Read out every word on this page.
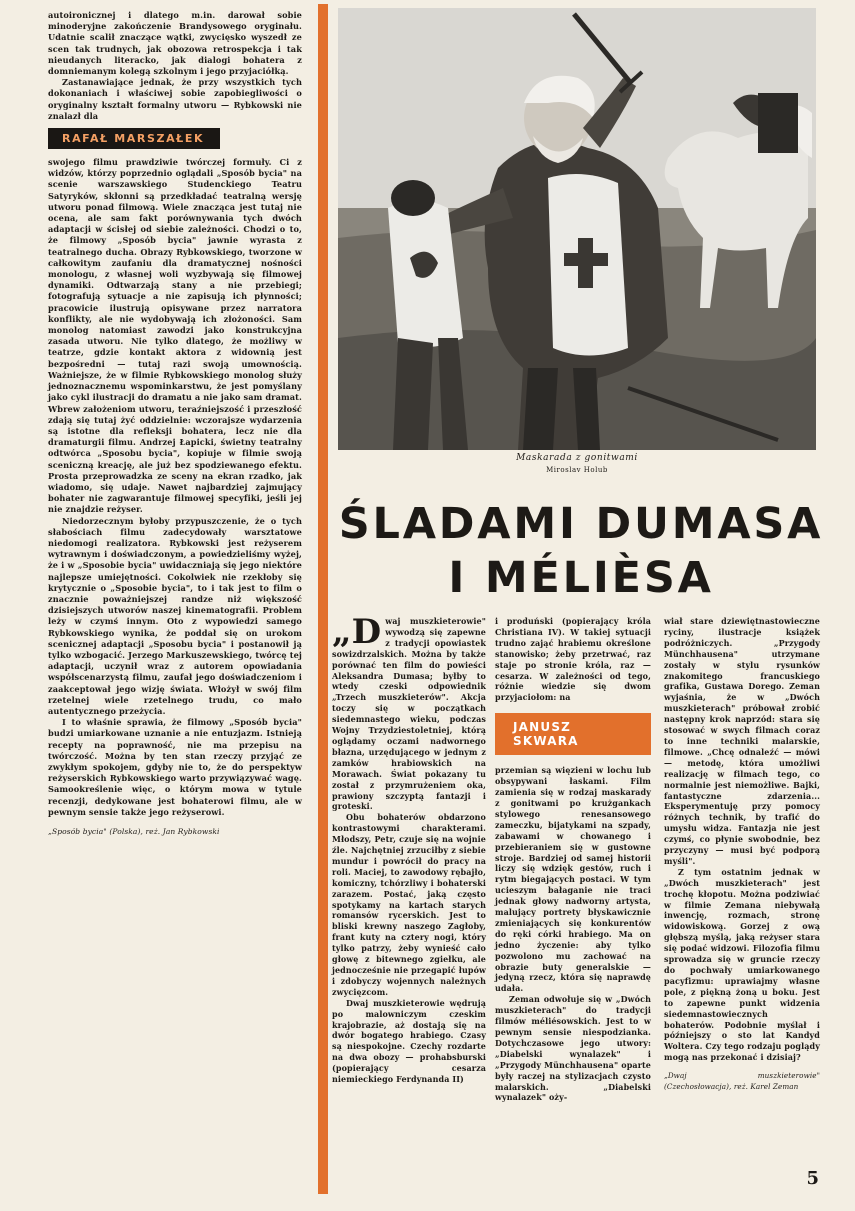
autoironicznej i dlatego m.in. darował sobie minoderyjne zakończenie Brandysowego oryginału. Udatnie scalił znaczące wątki, zwycięsko wyszedł ze scen tak trudnych, jak obozowa retrospekcja i tak nieudanych literacko, jak dialogi bohatera z domniemanym kolegą szkolnym i jego przyjaciółką.

Zastanawiające jednak, że przy wszystkich tych dokonaniach i właściwej sobie zapobiegliwości o oryginalny kształt formalny utworu — Rybkowski nie znalazł dla

RAFAŁ MARSZAŁEK

swojego filmu prawdziwie twórczej formuły. Ci z widzów, którzy poprzednio oglądali „Sposób bycia" na scenie warszawskiego Studenckiego Teatru Satyryków, skłonni są przedkładać teatralną wersję utworu ponad filmową. Wiele znacząca jest tutaj nie ocena, ale sam fakt porównywania tych dwóch adaptacji w ścisłej od siebie zależności. Chodzi o to, że filmowy „Sposób bycia" jawnie wyrasta z teatralnego ducha. Obrazy Rybkowskiego, tworzone w całkowitym zaufaniu dla dramatycznej nośności monologu, z własnej woli wyzbywają się filmowej dynamiki. Odtwarzają stany a nie przebiegi; fotografują sytuacje a nie zapisują ich płynności; pracowicie ilustrują opisywane przez narratora konflikty, ale nie wydobywają ich złożoności. Sam monolog natomiast zawodzi jako konstrukcyjna zasada utworu. Nie tylko dlatego, że możliwy w teatrze, gdzie kontakt aktora z widownią jest bezpośredni — tutaj razi swoją umownością. Ważniejsze, że w filmie Rybkowskiego monolog służy jednoznacznemu wspominkarstwu, że jest pomyślany jako cykl ilustracji do dramatu a nie jako sam dramat. Wbrew założeniom utworu, teraźniejszość i przeszłość zdają się tutaj żyć oddzielnie: wczorajsze wydarzenia są istotne dla refleksji bohatera, lecz nie dla dramaturgii filmu. Andrzej Łapicki, świetny teatralny odtwórca „Sposobu bycia", kopiuje w filmie swoją sceniczną kreację, ale już bez spodziewanego efektu. Prosta przeprowadzka ze sceny na ekran rzadko, jak wiadomo, się udaje. Nawet najbardziej zajmujący bohater nie zagwarantuje filmowej specyfiki, jeśli jej nie znajdzie reżyser.

Niedorzecznym byłoby przypuszczenie, że o tych słabościach filmu zadecydowały warsztatowe niedomogi realizatora. Rybkowski jest reżyserem wytrawnym i doświadczonym, a powiedzieliśmy wyżej, że i w „Sposobie bycia" uwidaczniają się jego niektóre najlepsze umiejętności. Cokolwiek nie rzekłoby się krytycznie o „Sposobie bycia", to i tak jest to film o znacznie poważniejszej randze niż większość dzisiejszych utworów naszej kinematografii. Problem leży w czymś innym. Oto z wypowiedzi samego Rybkowskiego wynika, że poddał się on urokom scenicznej adaptacji „Sposobu bycia" i postanowił ją tylko wzbogacić. Jerzego Markuszewskiego, twórcę tej adaptacji, uczynił wraz z autorem opowiadania współscenarzystą filmu, zaufał jego doświadczeniom i zaakceptował jego wizję świata. Włożył w swój film rzetelnej wiele rzetelnego trudu, co mało autentycznego przeżycia.

I to właśnie sprawia, że filmowy „Sposób bycia" budzi umiarkowane uznanie a nie entuzjazm. Istnieją recepty na poprawność, nie ma przepisu na twórczość. Można by ten stan rzeczy przyjąć ze zwykłym spokojem, gdyby nie to, że do perspektyw reżyserskich Rybkowskiego warto przywiązywać wagę. Samookreślenie więc, o którym mowa w tytule recenzji, dedykowane jest bohaterowi filmu, ale w pewnym sensie także jego reżyserowi.

„Sposób bycia" (Polska), reż. Jan Rybkowski

Maskarada z gonitwami
Miroslav Holub
ŚLADAMI DUMASA
I MÉLIÈSA

„Dwaj muszkieterowie" wywodzą się zapewne z tradycji opowiastek sowizdrzalskich. Można by także porównać ten film do powieści Aleksandra Dumasa; byłby to wtedy czeski odpowiednik „Trzech muszkieterów". Akcja toczy się w początkach siedemnastego wieku, podczas Wojny Trzydziestoletniej, którą oglądamy oczami nadwornego błazna, urzędującego w jednym z zamków hrabiowskich na Morawach. Świat pokazany tu został z przymrużeniem oka, prawiony szczyptą fantazji i groteski.

Obu bohaterów obdarzono kontrastowymi charakterami. Młodszy, Petr, czuje się na wojnie źle. Najchętniej zrzuciłby z siebie mundur i powrócił do pracy na roli. Maciej, to zawodowy rębajło, komiczny, tchórzliwy i bohaterski zarazem. Postać, jaką często spotykamy na kartach starych romansów rycerskich. Jest to bliski krewny naszego Zagłoby, frant kuty na cztery nogi, który tylko patrzy, żeby wynieść cało głowę z bitewnego zgiełku, ale jednocześnie nie przegapić łupów i zdobyczy wojennych należnych zwycięzcom.

Dwaj muszkieterowie wędrują po malowniczym czeskim krajobrazie, aż dostają się na dwór bogatego hrabiego. Czasy są niespokojne. Czechy rozdarte na dwa obozy — prohabsburski (popierający cesarza niemieckiego Ferdynanda II)

i produński (popierający króla Christiana IV). W takiej sytuacji trudno zająć hrabiemu określone stanowisko; żeby przetrwać, raz staje po stronie króla, raz — cesarza. W zależności od tego, różnie wiedzie się dwom przyjaciołom: na

JANUSZ SKWARA

przemian są więzieni w lochu lub obsypywani łaskami. Film zamienia się w rodzaj maskarady z gonitwami po krużgankach stylowego renesansowego zameczku, bijatykami na szpady, zabawami w chowanego i przebieraniem się w gustowne stroje. Bardziej od samej historii liczy się wdzięk gestów, ruch i rytm biegających postaci. W tym ucieszym bałaganie nie traci jednak głowy nadworny artysta, malujący portrety błyskawicznie zmieniających się konkurentów do ręki córki hrabiego. Ma on jedno życzenie: aby tylko pozwolono mu zachować na obrazie buty generalskie — jedyną rzecz, która się naprawdę udała.

Zeman odwołuje się w „Dwóch muszkieterach" do tradycji filmów méliésowskich. Jest to w pewnym sensie niespodzianka. Dotychczasowe jego utwory: „Diabelski wynalazek" i „Przygody Münchhausena" oparte były raczej na stylizacjach czysto malarskich. „Diabelski wynalazek" oży-

wiał stare dziewiętnastowieczne ryciny, ilustracje książek podróżniczych. „Przygody Münchhausena" utrzymane zostały w stylu rysunków znakomitego francuskiego grafika, Gustawa Dorego. Zeman wyjaśnia, że w „Dwóch muszkieterach" próbował zrobić następny krok naprzód: stara się stosować w swych filmach coraz to inne techniki malarskie, filmowe. „Chcę odnaleźć — mówi — metodę, która umożliwi realizację w filmach tego, co normalnie jest niemożliwe. Bajki, fantastyczne zdarzenia... Eksperymentuję przy pomocy różnych technik, by trafić do umysłu widza. Fantazja nie jest czymś, co płynie swobodnie, bez przyczyny — musi być podporą myśli".

Z tym ostatnim jednak w „Dwóch muszkieterach" jest trochę kłopotu. Można podziwiać w filmie Zemana niebywałą inwencję, rozmach, stronę widowiskową. Gorzej z ową głębszą myślą, jaką reżyser stara się podać widzowi. Filozofia filmu sprowadza się w gruncie rzeczy do pochwały umiarkowanego pacyfizmu: uprawiajmy własne pole, z piękną żoną u boku. Jest to zapewne punkt widzenia siedemnastowiecznych bohaterów. Podobnie myślał i późniejszy o sto lat Kandyd Woltera. Czy tego rodzaju poglądy mogą nas przekonać i dzisiaj?

„Dwaj muszkieterowie" (Czechosłowacja), reż. Karel Zeman

5
